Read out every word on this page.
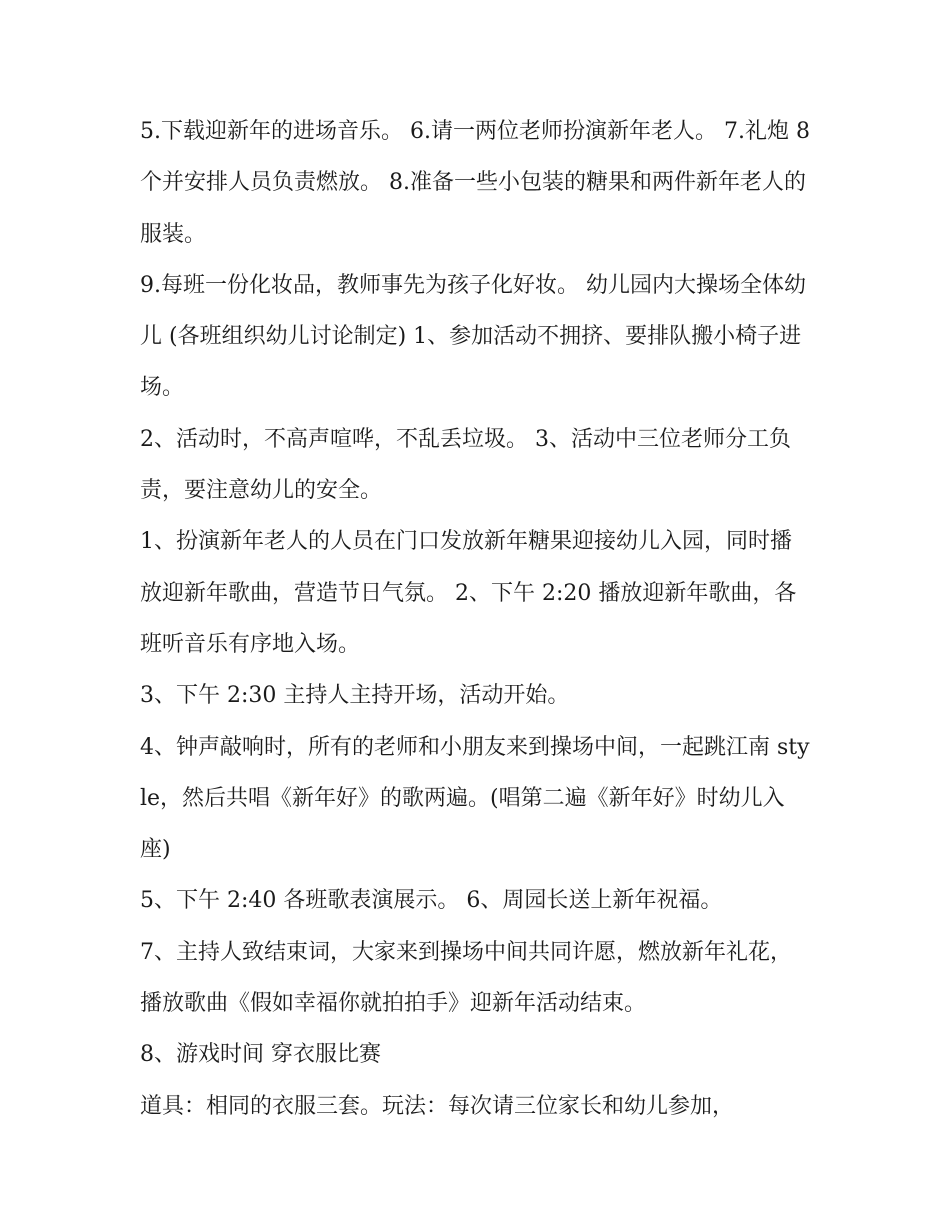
5.下载迎新年的进场音乐。 6.请一两位老师扮演新年老人。 7.礼炮 8 个并安排人员负责燃放。 8.准备一些小包装的糖果和两件新年老人的服装。

9.每班一份化妆品，教师事先为孩子化好妆。 幼儿园内大操场全体幼儿 (各班组织幼儿讨论制定) 1、参加活动不拥挤、要排队搬小椅子进场。

2、活动时，不高声喧哗，不乱丢垃圾。 3、活动中三位老师分工负责，要注意幼儿的安全。

1、扮演新年老人的人员在门口发放新年糖果迎接幼儿入园，同时播放迎新年歌曲，营造节日气氛。 2、下午 2:20 播放迎新年歌曲，各班听音乐有序地入场。

3、下午 2:30 主持人主持开场，活动开始。

4、钟声敲响时，所有的老师和小朋友来到操场中间，一起跳江南 style，然后共唱《新年好》的歌两遍。(唱第二遍《新年好》时幼儿入座)

5、下午 2:40 各班歌表演展示。 6、周园长送上新年祝福。

7、主持人致结束词，大家来到操场中间共同许愿，燃放新年礼花，播放歌曲《假如幸福你就拍拍手》迎新年活动结束。

8、游戏时间 穿衣服比赛

道具：相同的衣服三套。玩法：每次请三位家长和幼儿参加，
